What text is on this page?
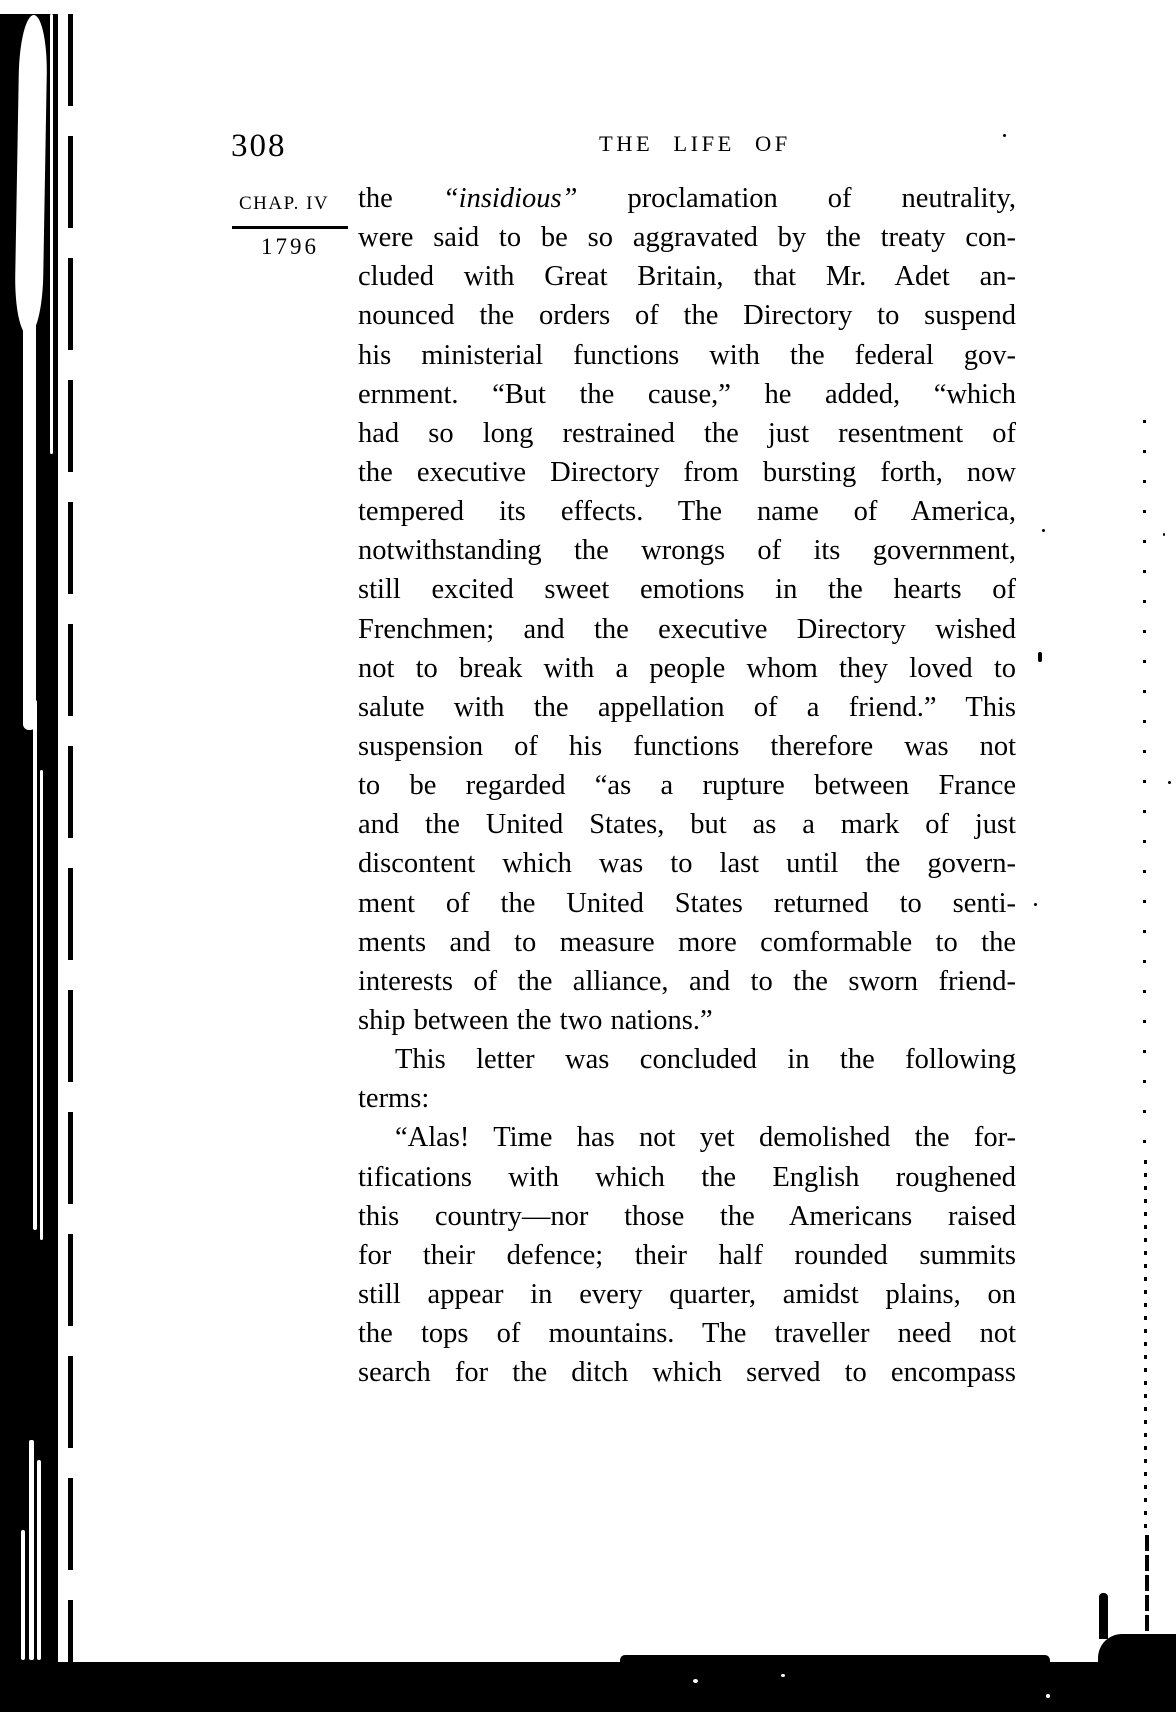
308	THE LIFE OF
CHAP. IV
1796
the “insidious” proclamation of neutrality,
were said to be so aggravated by the treaty con-
cluded with Great Britain, that Mr. Adet an-
nounced the orders of the Directory to suspend
his ministerial functions with the federal gov-
ernment. “But the cause,” he added, “which
had so long restrained the just resentment of
the executive Directory from bursting forth, now
tempered its effects. The name of America,
notwithstanding the wrongs of its government,
still excited sweet emotions in the hearts of
Frenchmen; and the executive Directory wished
not to break with a people whom they loved to
salute with the appellation of a friend.” This
suspension of his functions therefore was not
to be regarded “as a rupture between France
and the United States, but as a mark of just
discontent which was to last until the govern-
ment of the United States returned to senti-
ments and to measure more comformable to the
interests of the alliance, and to the sworn friend-
ship between the two nations.”
This letter was concluded in the following
terms:
“Alas! Time has not yet demolished the for-
tifications with which the English roughened
this country—nor those the Americans raised
for their defence; their half rounded summits
still appear in every quarter, amidst plains, on
the tops of mountains. The traveller need not
search for the ditch which served to encompass
